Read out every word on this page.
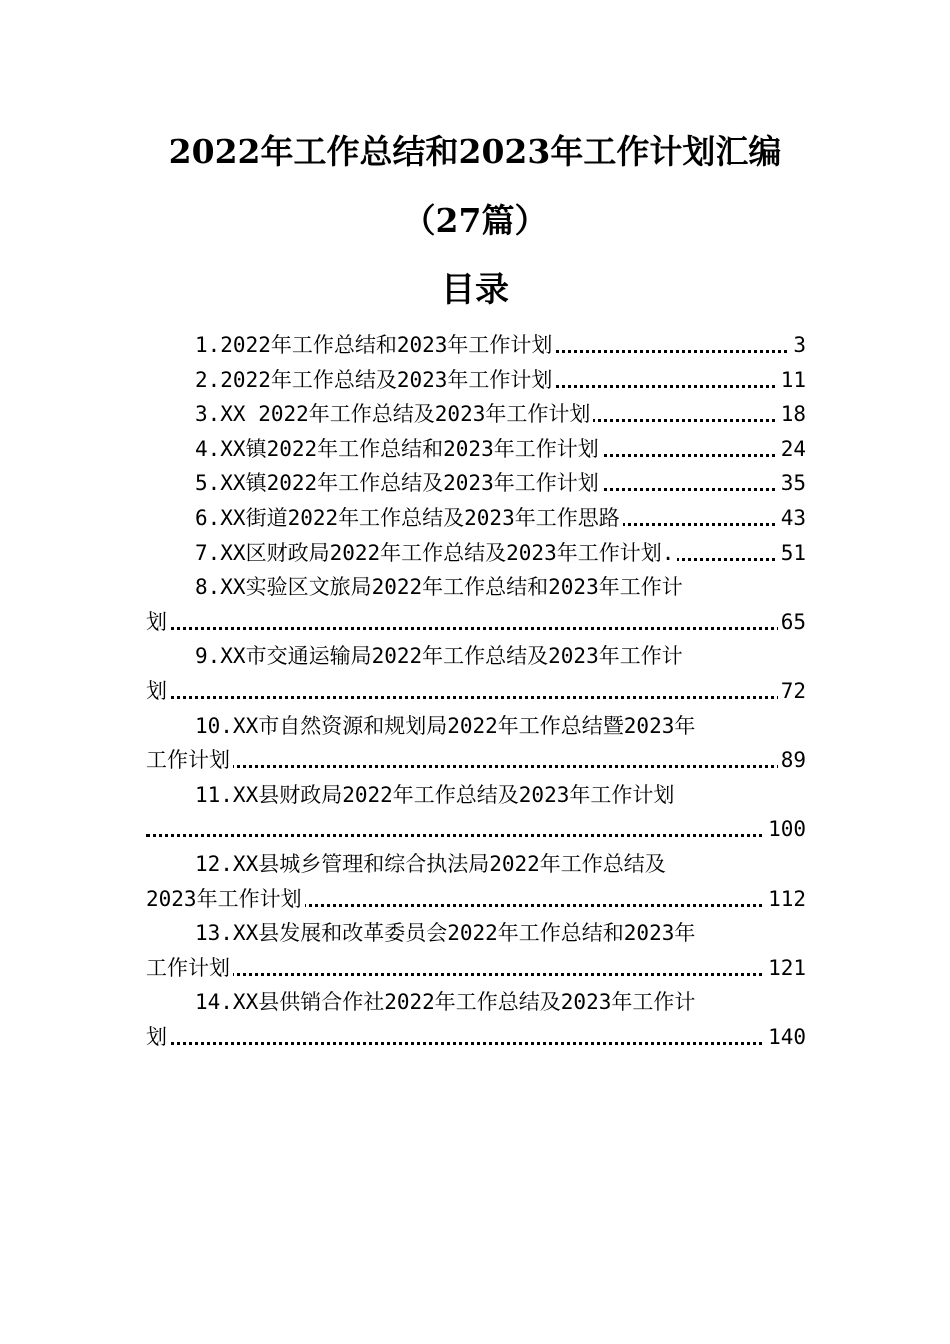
2022年工作总结和2023年工作计划汇编
（27篇）
目录
1.2022年工作总结和2023年工作计划	3
2.2022年工作总结及2023年工作计划	11
3.XX 2022年工作总结及2023年工作计划	18
4.XX镇2022年工作总结和2023年工作计划	24
5.XX镇2022年工作总结及2023年工作计划	35
6.XX街道2022年工作总结及2023年工作思路	43
7.XX区财政局2022年工作总结及2023年工作计划.	51
8.XX实验区文旅局2022年工作总结和2023年工作计
划	65
9.XX市交通运输局2022年工作总结及2023年工作计
划	72
10.XX市自然资源和规划局2022年工作总结暨2023年
工作计划	89
11.XX县财政局2022年工作总结及2023年工作计划
100
12.XX县城乡管理和综合执法局2022年工作总结及
2023年工作计划	112
13.XX县发展和改革委员会2022年工作总结和2023年
工作计划	121
14.XX县供销合作社2022年工作总结及2023年工作计
划	140
